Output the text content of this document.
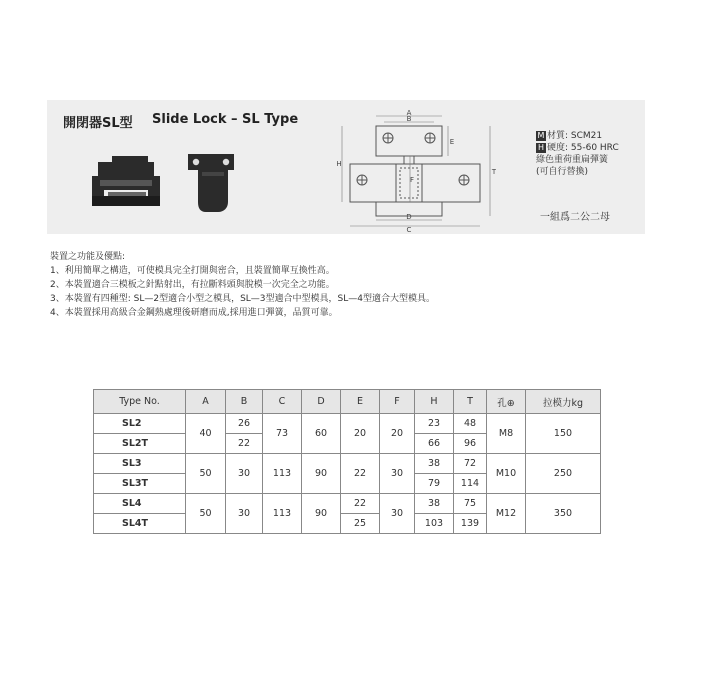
開閉器SL型 Slide Lock – SL Type	A
B
E
H
F
T
D
C
M 材質: SCM21
H 硬度: 55-60 HRC
綠色重荷重扁彈簧
(可自行替換)
一組爲二公二母
裝置之功能及優點:
1、利用簡單之構造，可使模具完全打開與密合，且裝置簡單互換性高。
2、本裝置適合三模板之針點射出，有拉斷料頭與脫模一次完全之功能。
3、本裝置有四種型: SL—2型適合小型之模具，SL—3型適合中型模具，SL—4型適合大型模具。
4、本裝置採用高級合金鋼熱處理後研磨而成,採用進口彈簧，品質可靠。
Type No.	A	B	C	D	E	F	H	T	孔⊕	拉模力kg
SL2	40	26	73	60	20	20	23	48	M8	150
SL2T		22					66	96		
SL3	50	30	113	90	22	30	38	72	M10	250
SL3T							79	114		
SL4	50	30	113	90	22	30	38	75	M12	350
SL4T					25		103	139		
